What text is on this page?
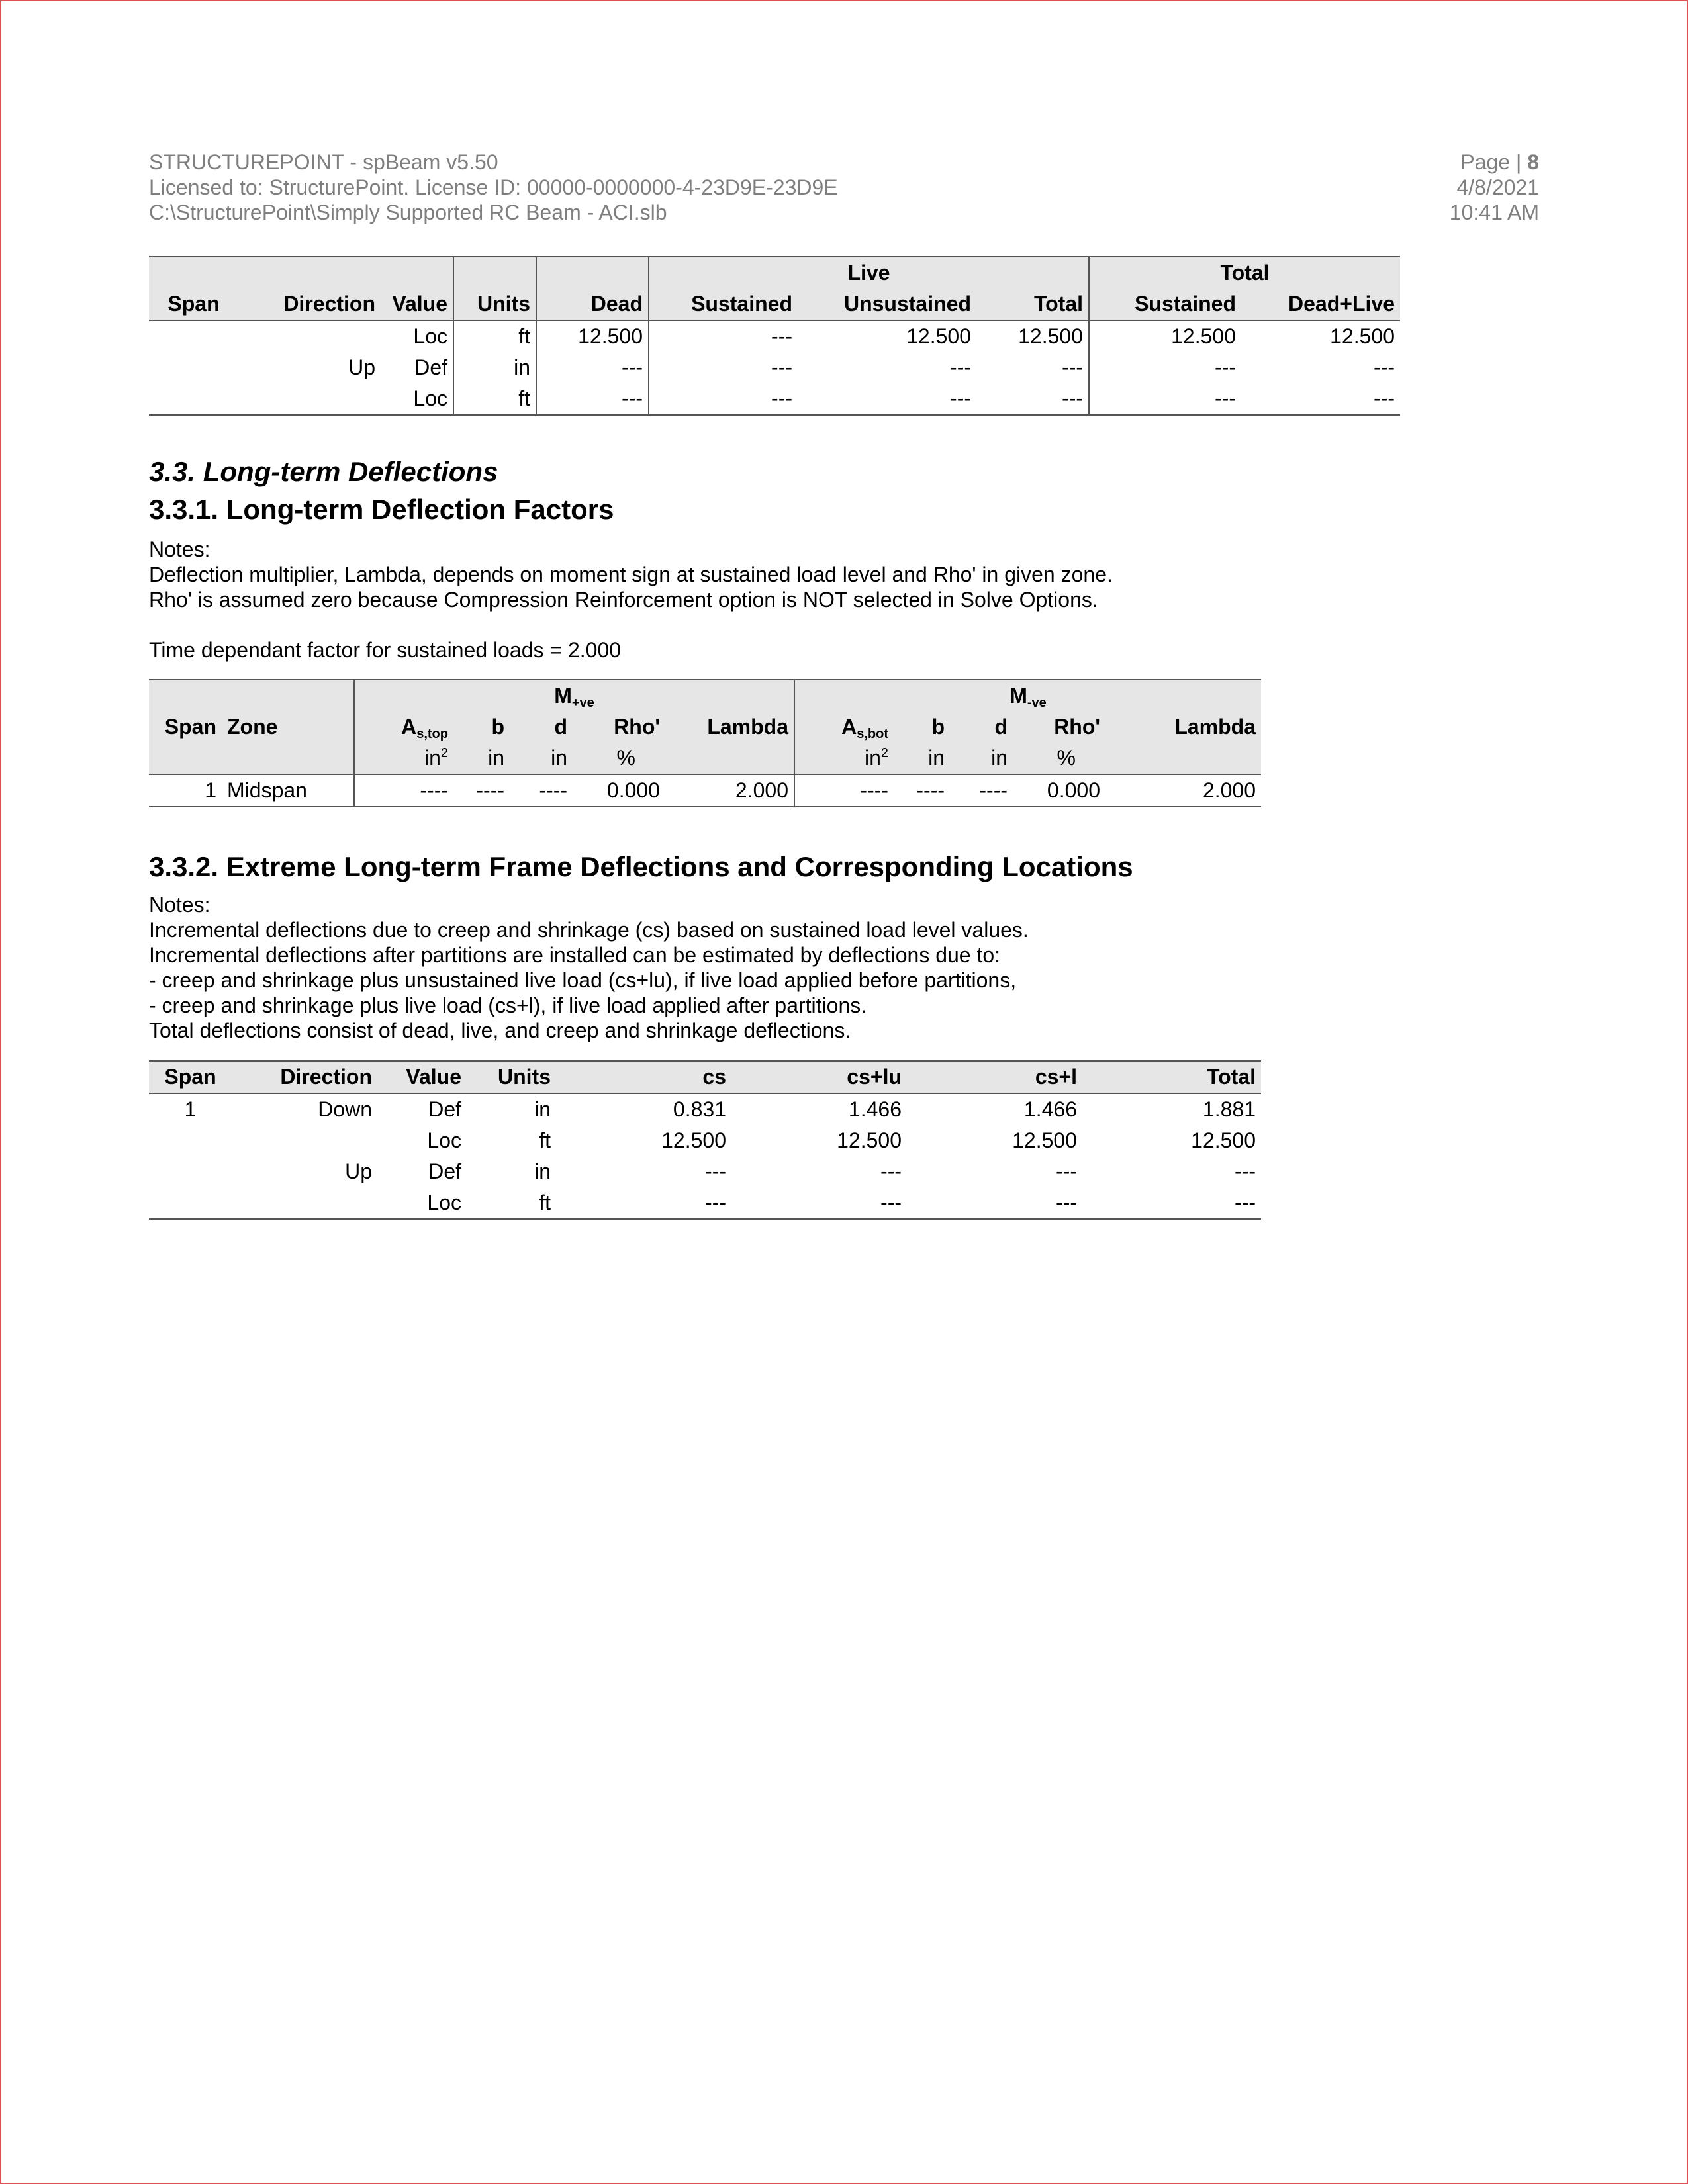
STRUCTUREPOINT - spBeam v5.50
Licensed to: StructurePoint. License ID: 00000-0000000-4-23D9E-23D9E
C:\StructurePoint\Simply Supported RC Beam - ACI.slb
Page | 8
4/8/2021
10:41 AM
					Live			Total	
Span	Direction	Value	Units	Dead	Sustained	Unsustained	Total	Sustained	Dead+Live
		Loc	ft	12.500	---	12.500	12.500	12.500	12.500
	Up	Def	in	---	---	---	---	---	---
		Loc	ft	---	---	---	---	---	---
3.3. Long-term Deflections
3.3.1. Long-term Deflection Factors
Notes:
Deflection multiplier, Lambda, depends on moment sign at sustained load level and Rho' in given zone.
Rho' is assumed zero because Compression Reinforcement option is NOT selected in Solve Options.
Time dependant factor for sustained loads = 2.000
		$M_{+ve}$					$M_{-ve}$
Span	Zone	$A_{s,top}$	b	d	Rho'	Lambda	$A_{s,bot}$	b	d	Rho'	Lambda
		$in^2$	in	in	%		$in^2$	in	in	%	
1	Midspan	----	----	----	0.000	2.000	----	----	----	0.000	2.000
3.3.2. Extreme Long-term Frame Deflections and Corresponding Locations
Notes:
Incremental deflections due to creep and shrinkage (cs) based on sustained load level values.
Incremental deflections after partitions are installed can be estimated by deflections due to:
- creep and shrinkage plus unsustained live load (cs+lu), if live load applied before partitions,
- creep and shrinkage plus live load (cs+l), if live load applied after partitions.
Total deflections consist of dead, live, and creep and shrinkage deflections.
Span	Direction	Value	Units	cs	cs+lu	cs+l	Total
1	Down	Def	in	0.831	1.466	1.466	1.881
		Loc	ft	12.500	12.500	12.500	12.500
	Up	Def	in	---	---	---	---
		Loc	ft	---	---	---	---
